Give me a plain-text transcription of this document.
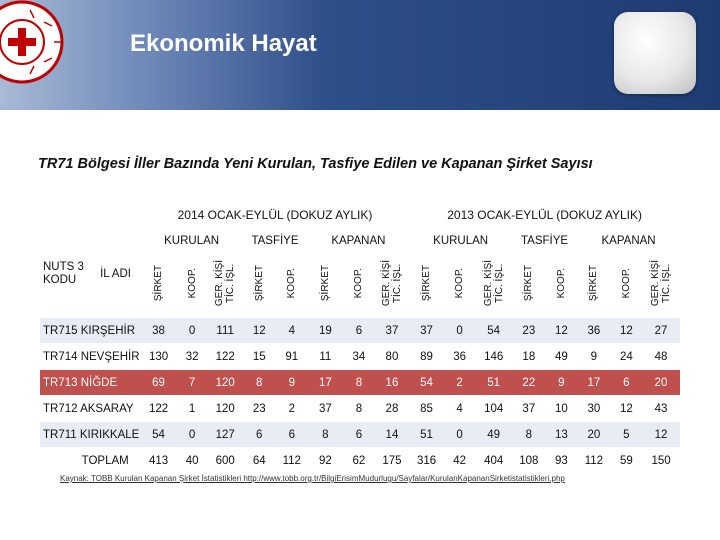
Ekonomik Hayat
TR71 Bölgesi İller Bazında Yeni Kurulan, Tasfiye Edilen ve Kapanan Şirket Sayısı
		2014 OCAK-EYLÜL (DOKUZ AYLIK)								2013 OCAK-EYLÜL (DOKUZ AYLIK)							
NUTS 3 KODU	İL ADI	KURULAN			TASFİYE		KAPANAN			KURULAN			TASFİYE		KAPANAN		
		ŞİRKET	KOOP.	GER. KİŞİ
TİC. İŞL.	ŞİRKET	KOOP.	ŞİRKET	KOOP.	GER. KİŞİ
TİC. İŞL.	ŞİRKET	KOOP.	GER. KİŞİ
TİC. İŞL.	ŞİRKET	KOOP.	ŞİRKET	KOOP.	GER. KİŞİ
TİC. İŞL.
TR715 KIRŞEHİR		38	0	111	12	4	19	6	37	37	0	54	23	12	36	12	27
TR714 NEVŞEHİR		130	32	122	15	91	11	34	80	89	36	146	18	49	9	24	48
TR713 NİĞDE		69	7	120	8	9	17	8	16	54	2	51	22	9	17	6	20
TR712 AKSARAY		122	1	120	23	2	37	8	28	85	4	104	37	10	30	12	43
TR711 KIRIKKALE		54	0	127	6	6	8	6	14	51	0	49	8	13	20	5	12
TOPLAM		413	40	600	64	112	92	62	175	316	42	404	108	93	112	59	150
Kaynak: TOBB Kurulan Kapanan Şirket İstatistikleri http://www.tobb.org.tr/BilgiErisimMudurlugu/Sayfalar/KurulanKapananSirketistatistikleri.php
